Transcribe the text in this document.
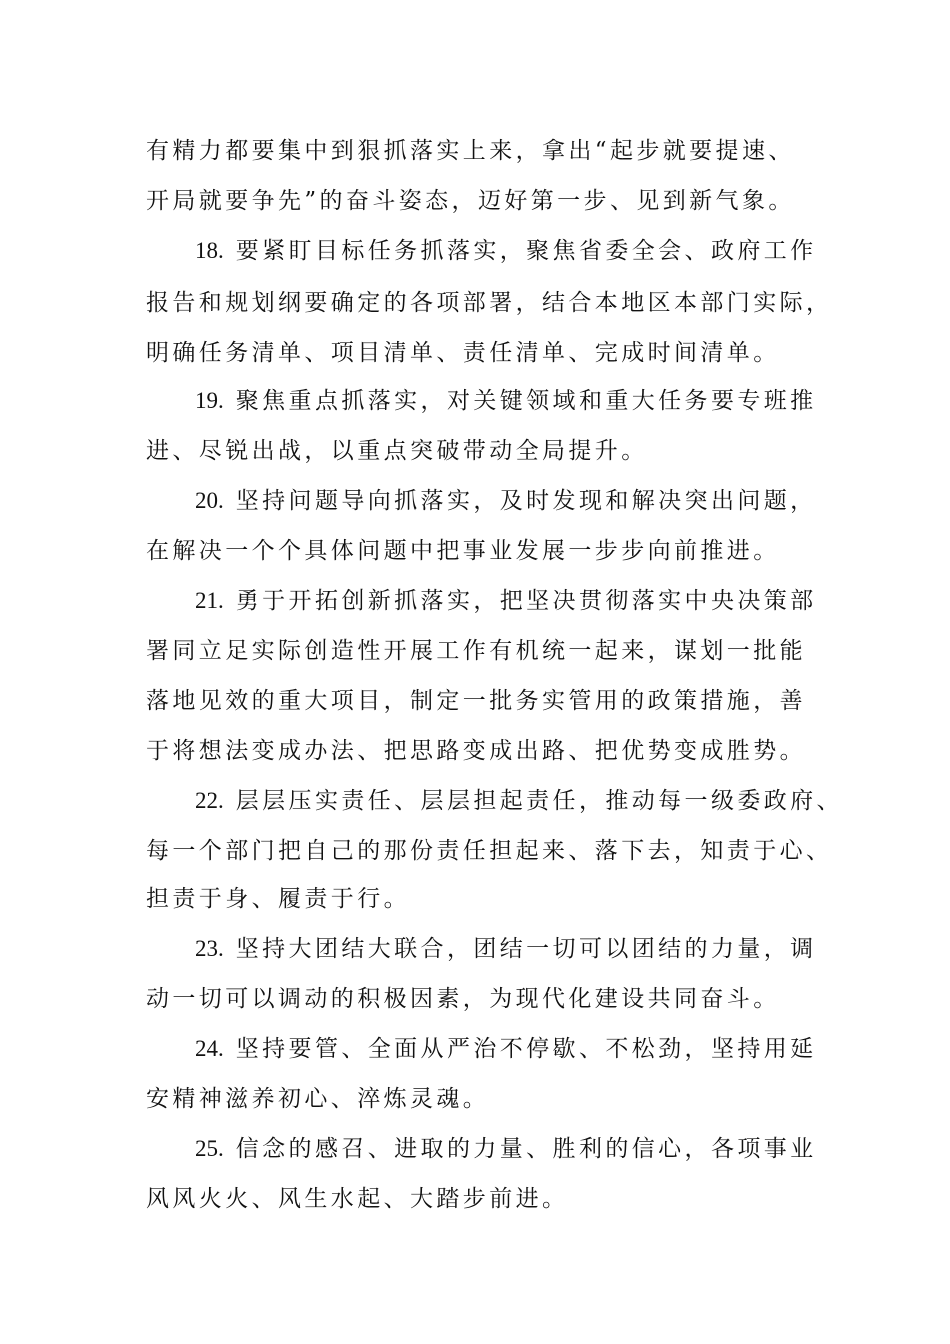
有精力都要集中到狠抓落实上来，拿出“起步就要提速、
开局就要争先”的奋斗姿态，迈好第一步、见到新气象。
18. 要紧盯目标任务抓落实，聚焦省委全会、政府工作
报告和规划纲要确定的各项部署，结合本地区本部门实际，
明确任务清单、项目清单、责任清单、完成时间清单。
19. 聚焦重点抓落实，对关键领域和重大任务要专班推
进、尽锐出战，以重点突破带动全局提升。
20. 坚持问题导向抓落实，及时发现和解决突出问题，
在解决一个个具体问题中把事业发展一步步向前推进。
21. 勇于开拓创新抓落实，把坚决贯彻落实中央决策部
署同立足实际创造性开展工作有机统一起来，谋划一批能
落地见效的重大项目，制定一批务实管用的政策措施，善
于将想法变成办法、把思路变成出路、把优势变成胜势。
22. 层层压实责任、层层担起责任，推动每一级委政府、
每一个部门把自己的那份责任担起来、落下去，知责于心、
担责于身、履责于行。
23. 坚持大团结大联合，团结一切可以团结的力量，调
动一切可以调动的积极因素，为现代化建设共同奋斗。
24. 坚持要管、全面从严治不停歇、不松劲，坚持用延
安精神滋养初心、淬炼灵魂。
25. 信念的感召、进取的力量、胜利的信心，各项事业
风风火火、风生水起、大踏步前进。
